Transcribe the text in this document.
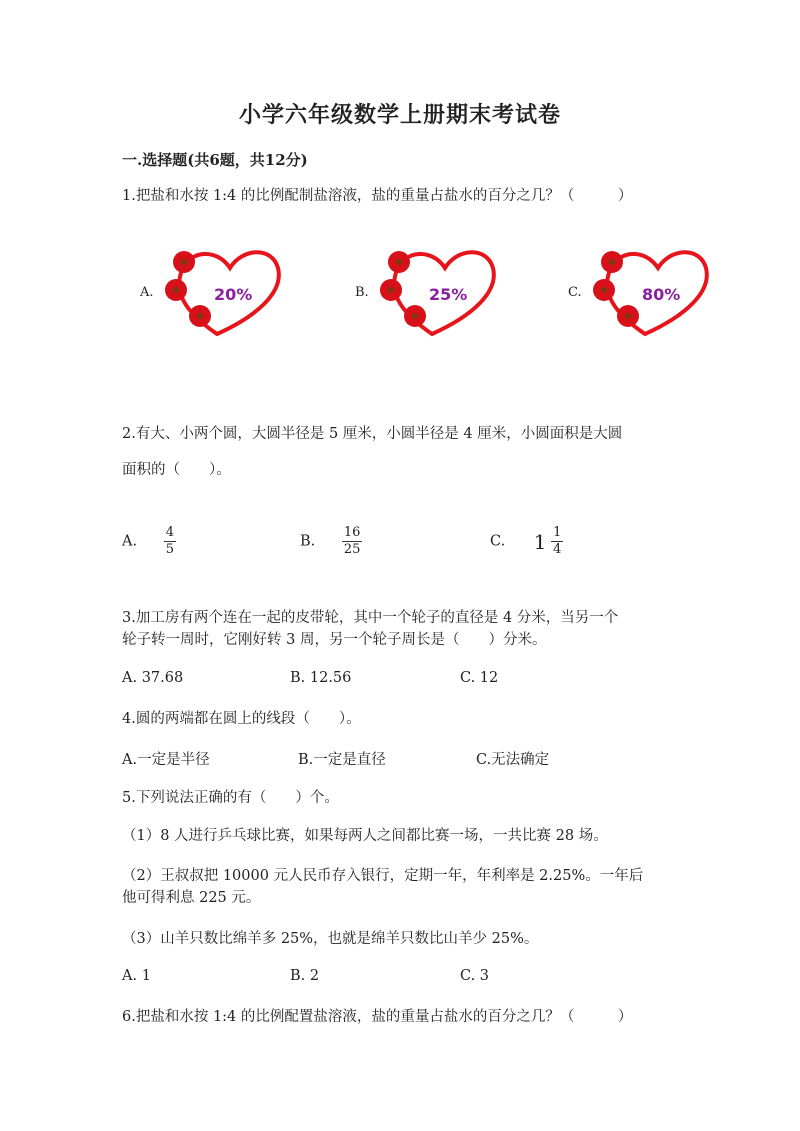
小学六年级数学上册期末考试卷
一.选择题(共6题，共12分)
1.把盐和水按 1:4 的比例配制盐溶液，盐的重量占盐水的百分之几？（　　　）
A.	20%	B.	25%	C.	80%
2.有大、小两个圆，大圆半径是 5 厘米，小圆半径是 4 厘米，小圆面积是大圆
面积的（　　）。
A. $\frac{4}{5}$	B. $\frac{16}{25}$	C. $1 \frac{1}{4}$
3.加工房有两个连在一起的皮带轮，其中一个轮子的直径是 4 分米，当另一个
轮子转一周时，它刚好转 3 周，另一个轮子周长是（　　）分米。
A. 37.68	B. 12.56	C. 12
4.圆的两端都在圆上的线段（　　）。
A.一定是半径	B.一定是直径	C.无法确定
5.下列说法正确的有（　　）个。
（1）8 人进行乒乓球比赛，如果每两人之间都比赛一场，一共比赛 28 场。
（2）王叔叔把 10000 元人民币存入银行，定期一年，年利率是 2.25%。一年后
他可得利息 225 元。
（3）山羊只数比绵羊多 25%，也就是绵羊只数比山羊少 25%。
A. 1	B. 2	C. 3
6.把盐和水按 1:4 的比例配置盐溶液，盐的重量占盐水的百分之几？（　　　）
